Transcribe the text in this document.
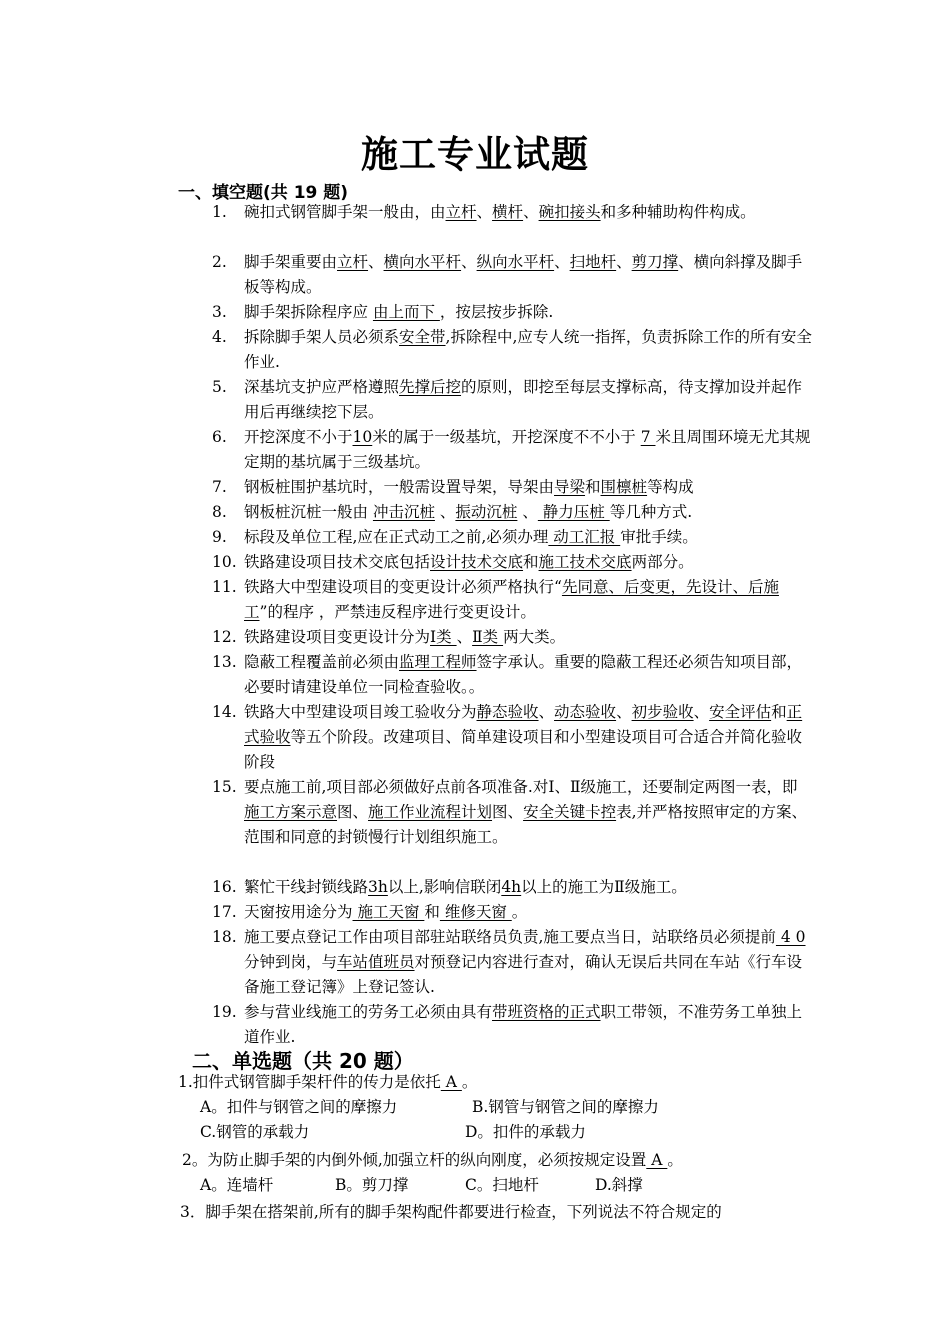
施工专业试题
一、填空题(共 19 题)
1.	碗扣式钢管脚手架一般由，由立杆、横杆、碗扣接头和多种辅助构件构成。
2.	脚手架重要由立杆、横向水平杆、纵向水平杆、扫地杆、剪刀撑、横向斜撑及脚手板等构成。
3.	脚手架拆除程序应 由上而下 ，按层按步拆除.
4.	拆除脚手架人员必须系安全带,拆除程中,应专人统一指挥，负责拆除工作的所有安全作业.
5.	深基坑支护应严格遵照先撑后挖的原则，即挖至每层支撑标高，待支撑加设并起作用后再继续挖下层。
6.	开挖深度不小于10米的属于一级基坑，开挖深度不不小于 7 米且周围环境无尤其规定期的基坑属于三级基坑。
7.	钢板桩围护基坑时，一般需设置导架，导架由导梁和围檩桩等构成
8.	钢板桩沉桩一般由 冲击沉桩 、振动沉桩 、 静力压桩 等几种方式.
9.	标段及单位工程,应在正式动工之前,必须办理 动工汇报 审批手续。
10. 铁路建设项目技术交底包括设计技术交底和施工技术交底两部分。
11. 铁路大中型建设项目的变更设计必须严格执行“先同意、后变更，先设计、后施工”的程序 ，严禁违反程序进行变更设计。
12. 铁路建设项目变更设计分为Ⅰ类 、Ⅱ类 两大类。
13. 隐蔽工程覆盖前必须由监理工程师签字承认。重要的隐蔽工程还必须告知项目部，必要时请建设单位一同检查验收。。
14. 铁路大中型建设项目竣工验收分为静态验收、动态验收、初步验收、安全评估和正式验收等五个阶段。改建项目、简单建设项目和小型建设项目可合适合并简化验收阶段
15. 要点施工前,项目部必须做好点前各项准备.对Ⅰ、Ⅱ级施工，还要制定两图一表，即施工方案示意图、施工作业流程计划图、安全关键卡控表,并严格按照审定的方案、范围和同意的封锁慢行计划组织施工。
16. 繁忙干线封锁线路3h以上,影响信联闭4h以上的施工为Ⅱ级施工。
17. 天窗按用途分为 施工天窗 和 维修天窗 。
18. 施工要点登记工作由项目部驻站联络员负责,施工要点当日，站联络员必须提前 4 0 分钟到岗，与车站值班员对预登记内容进行查对，确认无误后共同在车站《行车设备施工登记簿》上登记签认.
19. 参与营业线施工的劳务工必须由具有带班资格的正式职工带领，不准劳务工单独上道作业.
二、单选题（共 20 题）
1.扣件式钢管脚手架杆件的传力是依托 A 。
A。扣件与钢管之间的摩擦力	B.钢管与钢管之间的摩擦力
C.钢管的承载力	D。扣件的承载力
2。为防止脚手架的内倒外倾,加强立杆的纵向刚度，必须按规定设置 A 。
A。连墙杆	B。剪刀撑	C。扫地杆	D.斜撑
3．脚手架在搭架前,所有的脚手架构配件都要进行检查，下列说法不符合规定的
